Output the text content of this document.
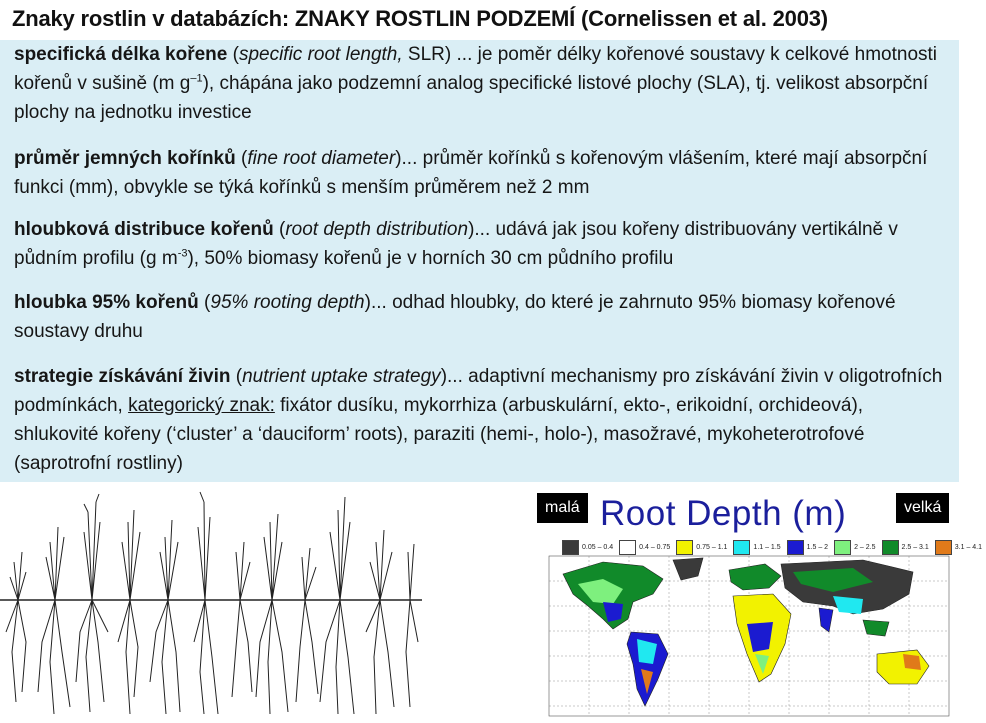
Znaky rostlin v databázích: ZNAKY ROSTLIN PODZEMÍ (Cornelissen et al. 2003)
specifická délka kořene (specific root length, SLR) ... je poměr délky kořenové soustavy k celkové hmotnosti kořenů v sušině (m $g^{-1}$), chápána jako podzemní analog specifické listové plochy (SLA), tj. velikost absorpční plochy na jednotku investice
průměr jemných kořínků (fine root diameter)... průměr kořínků s kořenovým vlášením, které mají absorpční funkci (mm), obvykle se týká kořínků s menším průměrem než 2 mm
hloubková distribuce kořenů (root depth distribution)... udává jak jsou kořeny distribuovány vertikálně v půdním profilu (g $m^{-3}$), 50% biomasy kořenů je v horních 30 cm půdního profilu
hloubka 95% kořenů (95% rooting depth)... odhad hloubky, do které je zahrnuto 95% biomasy kořenové soustavy druhu
strategie získávání živin (nutrient uptake strategy)... adaptivní mechanismy pro získávání živin v oligotrofních podmínkách, kategorický znak: fixátor dusíku, mykorrhiza (arbuskulární, ekto-, erikoidní, orchideová), shlukovité kořeny (‘cluster’ a ‘dauciform’ roots), paraziti (hemi-, holo-), masožravé, mykoheterotrofové (saprotrofní rostliny)
malá	velká
Root Depth (m)
0.05 – 0.4	0.4 – 0.75	0.75 – 1.1	1.1 – 1.5	1.5 – 2	2 – 2.5	2.5 – 3.1	3.1 – 4.1
